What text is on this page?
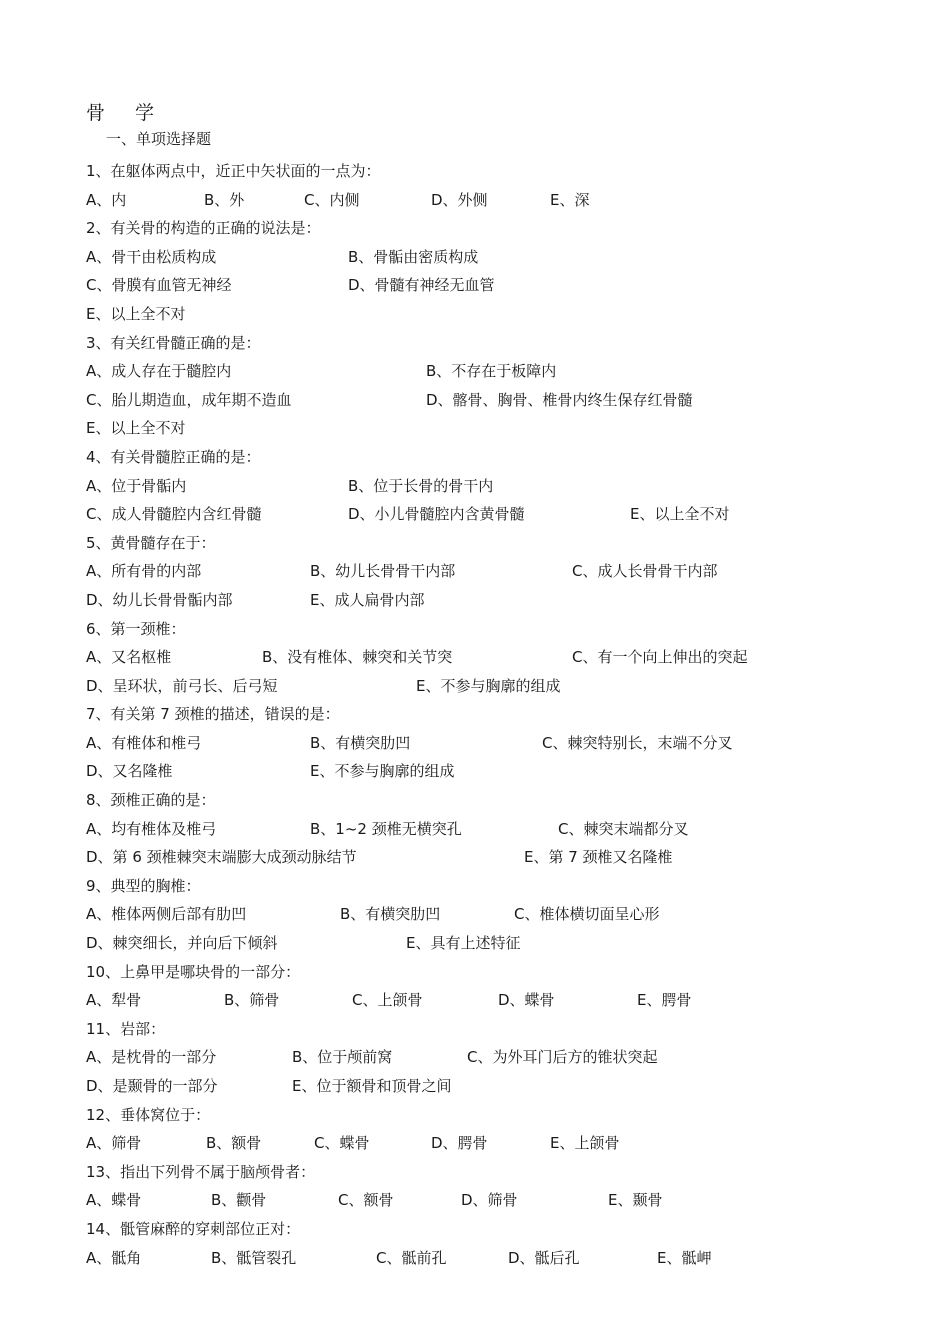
骨 学
一、单项选择题
1、在躯体两点中，近正中矢状面的一点为：
A、内	B、外	C、内侧	D、外侧	E、深
2、有关骨的构造的正确的说法是：
A、骨干由松质构成	B、骨骺由密质构成
C、骨膜有血管无神经	D、骨髓有神经无血管
E、以上全不对
3、有关红骨髓正确的是：
A、成人存在于髓腔内	B、不存在于板障内
C、胎儿期造血，成年期不造血	D、髂骨、胸骨、椎骨内终生保存红骨髓
E、以上全不对
4、有关骨髓腔正确的是：
A、位于骨骺内	B、位于长骨的骨干内
C、成人骨髓腔内含红骨髓	D、小儿骨髓腔内含黄骨髓	E、以上全不对
5、黄骨髓存在于：
A、所有骨的内部	B、幼儿长骨骨干内部	C、成人长骨骨干内部
D、幼儿长骨骨骺内部	E、成人扁骨内部
6、第一颈椎：
A、又名枢椎	B、没有椎体、棘突和关节突	C、有一个向上伸出的突起
D、呈环状，前弓长、后弓短	E、不参与胸廓的组成
7、有关第 7 颈椎的描述，错误的是：
A、有椎体和椎弓	B、有横突肋凹	C、棘突特别长，末端不分叉
D、又名隆椎	E、不参与胸廓的组成
8、颈椎正确的是：
A、均有椎体及椎弓	B、1~2 颈椎无横突孔	C、棘突末端都分叉
D、第 6 颈椎棘突末端膨大成颈动脉结节	E、第 7 颈椎又名隆椎
9、典型的胸椎：
A、椎体两侧后部有肋凹	B、有横突肋凹	C、椎体横切面呈心形
D、棘突细长，并向后下倾斜	E、具有上述特征
10、上鼻甲是哪块骨的一部分：
A、犁骨	B、筛骨	C、上颌骨	D、蝶骨	E、腭骨
11、岩部：
A、是枕骨的一部分	B、位于颅前窝	C、为外耳门后方的锥状突起
D、是颞骨的一部分	E、位于额骨和顶骨之间
12、垂体窝位于：
A、筛骨	B、额骨	C、蝶骨	D、腭骨	E、上颌骨
13、指出下列骨不属于脑颅骨者：
A、蝶骨	B、颧骨	C、额骨	D、筛骨	E、颞骨
14、骶管麻醉的穿刺部位正对：
A、骶角	B、骶管裂孔	C、骶前孔	D、骶后孔	E、骶岬
